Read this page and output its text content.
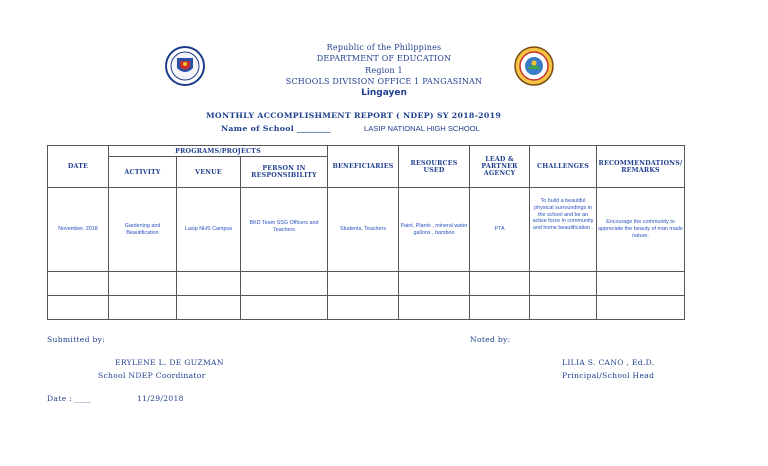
Republic of the Philippines
DEPARTMENT OF EDUCATION
Region 1
SCHOOLS DIVISION OFFICE 1 PANGASINAN
Lingayen
MONTHLY ACCOMPLISHMENT REPORT ( NDEP) SY 2018-2019
Name of School ________	LASIP NATIONAL HIGH SCHOOL
DATE	PROGRAMS/PROJECTS			BENEFICIARIES	RESOURCES USED	LEAD & PARTNER AGENCY	CHALLENGES	RECOMMENDATIONS/ REMARKS
	ACTIVITY	VENUE	PERSON IN RESPONSIBILITY					
November, 2018	Gardening and Beautification	Lasip NHS Campus	BKD Team SSG Officers and Teachers	Students, Teachers	Paint, Plants , mineral water gallons , bamboo	PTA	To build a beautiful physical surroundings in the school and be an active force in community and home beautification .	Encourage the community to appreciate the beauty of man made nature.

Submitted by:	Noted by:
ERYLENE L. DE GUZMAN
School NDEP Coordinator
LILIA S. CANO , Ed.D.
Principal/School Head
Date : ____	11/29/2018
